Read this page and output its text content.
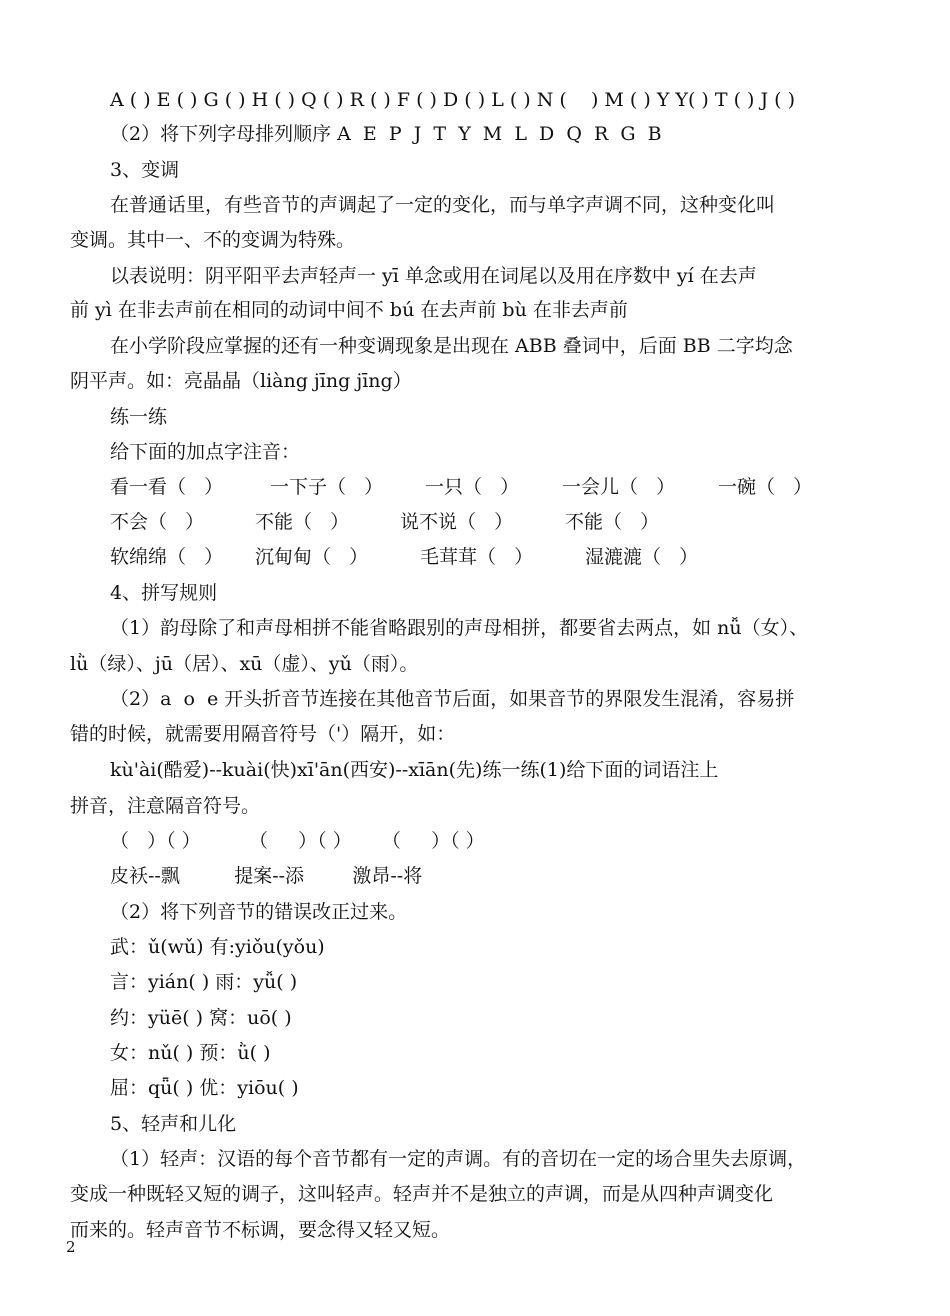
A ( ) E ( ) G ( ) H ( ) Q ( ) R ( ) F ( ) D ( ) L ( ) N (    ) M ( ) Y Y( ) T ( ) J ( )
（2）将下列字母排列顺序 A  E  P  J  T  Y  M  L  D  Q  R  G  B
3、变调
在普通话里，有些音节的声调起了一定的变化，而与单字声调不同，这种变化叫
变调。其中一、不的变调为特殊。
以表说明：阴平阳平去声轻声一 yī 单念或用在词尾以及用在序数中 yí 在去声
前 yì 在非去声前在相同的动词中间不 bú 在去声前 bù 在非去声前
在小学阶段应掌握的还有一种变调现象是出现在 ABB 叠词中，后面 BB 二字均念
阴平声。如：亮晶晶（liàng jīng jīng）
练一练
给下面的加点字注音：
看一看（   ） 一下子（   ） 一只（   ） 一会儿（   ） 一碗（   ）
不会（   ）	不能（   ）	说不说（   ）	不能（   ）
软绵绵（   ） 沉甸甸（   ）	毛茸茸（   ）	湿漉漉（   ）
4、拼写规则
（1）韵母除了和声母相拼不能省略跟别的声母相拼，都要省去两点，如 nǚ（女）、
lǜ（绿）、jū（居）、xū（虚）、yǔ（雨）。
（2）a  o  e 开头折音节连接在其他音节后面，如果音节的界限发生混淆，容易拼
错的时候，就需要用隔音符号（'）隔开，如：
kù'ài(酷爱)--kuài(快)xī'ān(西安)--xīān(先)练一练(1)给下面的词语注上
拼音，注意隔音符号。
（   ）（ ）        （     ）（ ）     （     ）（ ）
皮袄--飘         提案--添        激昂--将
（2）将下列音节的错误改正过来。
武：ǔ(wǔ) 有:yiǒu(yǒu)
言：yián( ) 雨：yǚ( )
约：yüē( ) 窝：uō( )
女：nǔ( ) 预：ǜ( )
屈：qǖ( ) 优：yiōu( )
5、轻声和儿化
（1）轻声：汉语的每个音节都有一定的声调。有的音切在一定的场合里失去原调，
变成一种既轻又短的调子，这叫轻声。轻声并不是独立的声调，而是从四种声调变化
而来的。轻声音节不标调，要念得又轻又短。
2
